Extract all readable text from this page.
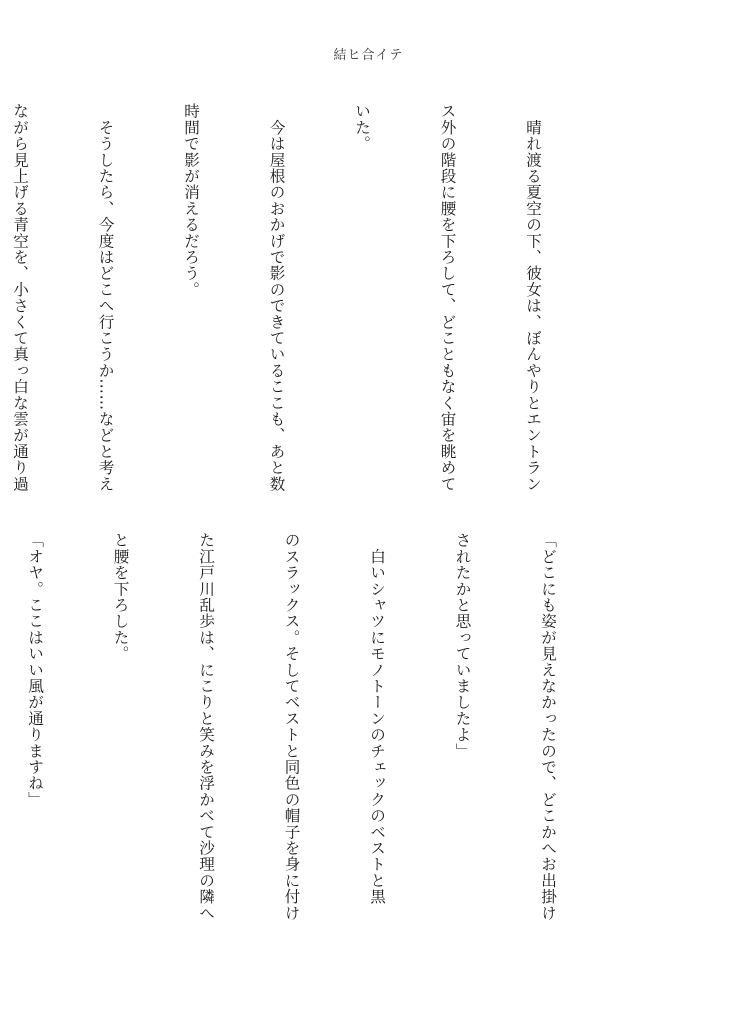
結ヒ合イテ

　晴れ渡る夏空の下、彼女は、ぼんやりとエントラン

ス外の階段に腰を下ろして、どこともなく宙を眺めて

いた。

　今は屋根のおかげで影のできているここも、あと数

時間で影が消えるだろう。

　そうしたら、今度はどこへ行こうか……などと考え

ながら見上げる青空を、小さくて真っ白な雲が通り過

「どこにも姿が見えなかったので、どこかへお出掛け

されたかと思っていましたよ」

　白いシャツにモノトーンのチェックのベストと黒

のスラックス。そしてベストと同色の帽子を身に付け

た江戸川乱歩は、にこりと笑みを浮かべて沙理の隣へ

と腰を下ろした。

「オヤ。ここはいい風が通りますね」
